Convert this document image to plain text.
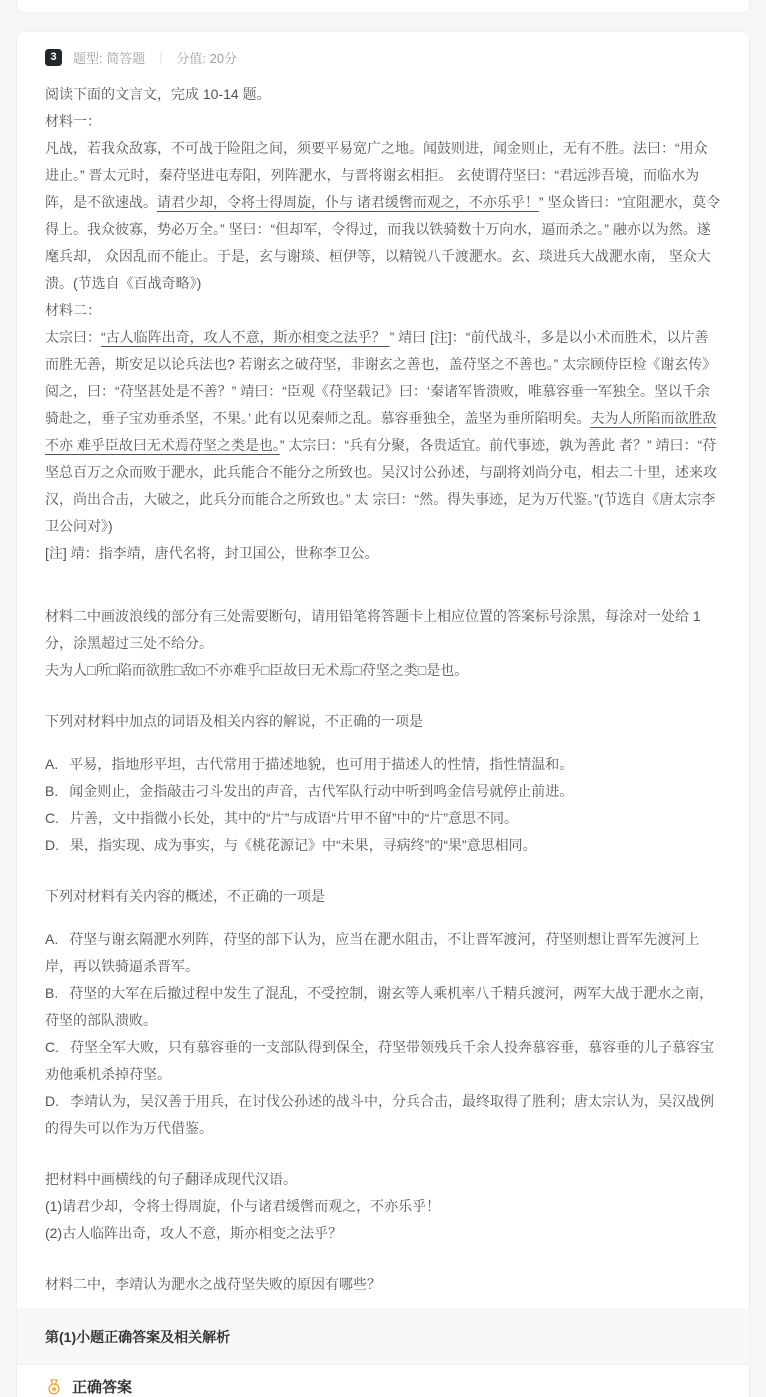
3	题型: 简答题 | 分值: 20分

阅读下面的文言文，完成 10-14 题。

材料一：

凡战，若我众敌寡，不可战于险阻之间，须要平易宽广之地。闻鼓则进，闻金则止，无有不胜。法曰：“用众进止。” 晋太元时，秦苻坚进屯寿阳，列阵淝水，与晋将谢玄相拒。 玄使谓苻坚曰：“君远涉吾境，而临水为阵，是不欲速战。请君少却，令将士得周旋，仆与 诸君缓辔而观之，不亦乐乎！” 坚众皆曰：“宜阻淝水，莫令得上。我众彼寡，势必万全。” 坚曰：“但却军，令得过，而我以铁骑数十万向水，逼而杀之。” 融亦以为然。遂麾兵却， 众因乱而不能止。于是，玄与谢琰、桓伊等，以精锐八千渡淝水。玄、琰进兵大战淝水南， 坚众大溃。(节选自《百战奇略》)

材料二：

太宗曰：“古人临阵出奇，攻人不意，斯亦相变之法乎？ ” 靖曰 [注]：“前代战斗，多是以小术而胜术，以片善而胜无善，斯安足以论兵法也? 若谢玄之破苻坚，非谢玄之善也，盖苻坚之不善也。” 太宗顾侍臣检《谢玄传》阅之，曰：“苻坚甚处是不善？” 靖曰：“臣观《苻坚载记》曰：‘秦诸军皆溃败，唯慕容垂一军独全。坚以千余骑赴之，垂子宝劝垂杀坚，不果。’ 此有以见秦师之乱。慕容垂独全，盖坚为垂所陷明矣。夫为人所陷而欲胜敌不亦 难乎臣故曰无术焉苻坚之类是也。” 太宗曰：“兵有分聚，各贵适宜。前代事迹，孰为善此 者？” 靖曰：“苻坚总百万之众而败于淝水，此兵能合不能分之所致也。吴汉讨公孙述，与副将刘尚分屯，相去二十里，述来攻汉，尚出合击，大破之，此兵分而能合之所致也。” 太 宗曰：“然。得失事迹，足为万代鉴。”(节选自《唐太宗李卫公问对》)

[注] 靖：指李靖，唐代名将，封卫国公，世称李卫公。

材料二中画波浪线的部分有三处需要断句，请用铅笔将答题卡上相应位置的答案标号涂黑，每涂对一处给 1 分，涂黑超过三处不给分。

夫为人□所□陷而欲胜□敌□不亦难乎□臣故曰无术焉□苻坚之类□是也。

下列对材料中加点的词语及相关内容的解说，不正确的一项是

A. 平易，指地形平坦，古代常用于描述地貌，也可用于描述人的性情，指性情温和。

B. 闻金则止，金指敲击刁斗发出的声音，古代军队行动中听到鸣金信号就停止前进。

C. 片善，文中指微小长处，其中的“片”与成语“片甲不留”中的“片”意思不同。

D. 果，指实现、成为事实，与《桃花源记》中“未果，寻病终”的“果”意思相同。

下列对材料有关内容的概述，不正确的一项是

A. 苻坚与谢玄隔淝水列阵，苻坚的部下认为，应当在淝水阻击，不让晋军渡河，苻坚则想让晋军先渡河上岸，再以铁骑逼杀晋军。

B. 苻坚的大军在后撤过程中发生了混乱，不受控制，谢玄等人乘机率八千精兵渡河，两军大战于淝水之南，苻坚的部队溃败。

C. 苻坚全军大败，只有慕容垂的一支部队得到保全，苻坚带领残兵千余人投奔慕容垂，慕容垂的儿子慕容宝劝他乘机杀掉苻坚。

D. 李靖认为，吴汉善于用兵，在讨伐公孙述的战斗中，分兵合击，最终取得了胜利；唐太宗认为，吴汉战例的得失可以作为万代借鉴。

把材料中画横线的句子翻译成现代汉语。

(1)请君少却，令将士得周旋，仆与诸君缓辔而观之，不亦乐乎！

(2)古人临阵出奇，攻人不意，斯亦相变之法乎？

材料二中，李靖认为淝水之战苻坚失败的原因有哪些？

第(1)小题正确答案及相关解析
正确答案
